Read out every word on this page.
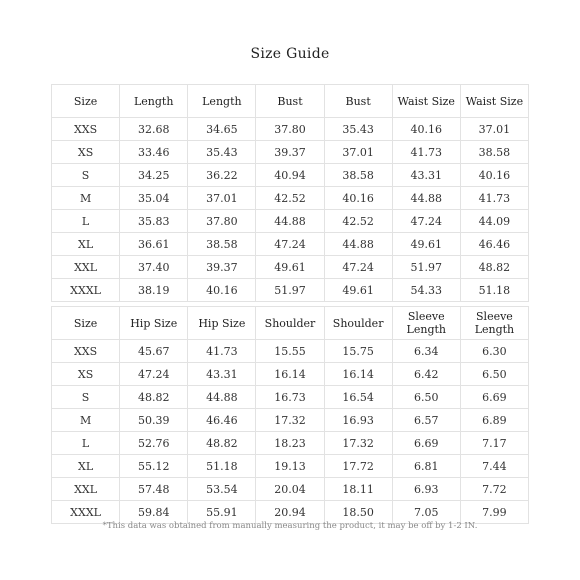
Size Guide
Size	Length	Length	Bust	Bust	Waist Size	Waist Size
XXS	32.68	34.65	37.80	35.43	40.16	37.01
XS	33.46	35.43	39.37	37.01	41.73	38.58
S	34.25	36.22	40.94	38.58	43.31	40.16
M	35.04	37.01	42.52	40.16	44.88	41.73
L	35.83	37.80	44.88	42.52	47.24	44.09
XL	36.61	38.58	47.24	44.88	49.61	46.46
XXL	37.40	39.37	49.61	47.24	51.97	48.82
XXXL	38.19	40.16	51.97	49.61	54.33	51.18
Size	Hip Size	Hip Size	Shoulder	Shoulder	Sleeve Length	Sleeve Length
XXS	45.67	41.73	15.55	15.75	6.34	6.30
XS	47.24	43.31	16.14	16.14	6.42	6.50
S	48.82	44.88	16.73	16.54	6.50	6.69
M	50.39	46.46	17.32	16.93	6.57	6.89
L	52.76	48.82	18.23	17.32	6.69	7.17
XL	55.12	51.18	19.13	17.72	6.81	7.44
XXL	57.48	53.54	20.04	18.11	6.93	7.72
XXXL	59.84	55.91	20.94	18.50	7.05	7.99
*This data was obtained from manually measuring the product, it may be off by 1-2 IN.
